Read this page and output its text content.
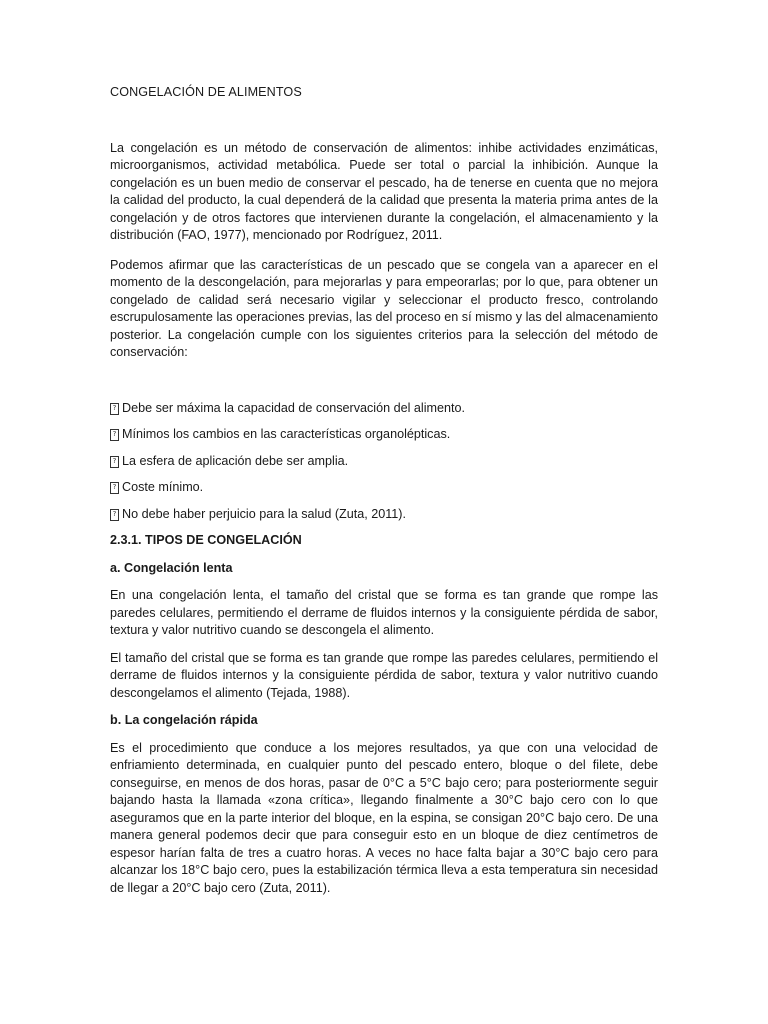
CONGELACIÓN DE ALIMENTOS

La congelación es un método de conservación de alimentos: inhibe actividades enzimáticas, microorganismos, actividad metabólica. Puede ser total o parcial la inhibición. Aunque la congelación es un buen medio de conservar el pescado, ha de tenerse en cuenta que no mejora la calidad del producto, la cual dependerá de la calidad que presenta la materia prima antes de la congelación y de otros factores que intervienen durante la congelación, el almacenamiento y la distribución (FAO, 1977), mencionado por Rodríguez, 2011.

Podemos afirmar que las características de un pescado que se congela van a aparecer en el momento de la descongelación, para mejorarlas y para empeorarlas; por lo que, para obtener un congelado de calidad será necesario vigilar y seleccionar el producto fresco, controlando escrupulosamente las operaciones previas, las del proceso en sí mismo y las del almacenamiento posterior. La congelación cumple con los siguientes criterios para la selección del método de conservación:

? Debe ser máxima la capacidad de conservación del alimento.
? Mínimos los cambios en las características organolépticas.
? La esfera de aplicación debe ser amplia.
? Coste mínimo.
? No debe haber perjuicio para la salud (Zuta, 2011).

2.3.1. TIPOS DE CONGELACIÓN

a. Congelación lenta

En una congelación lenta, el tamaño del cristal que se forma es tan grande que rompe las paredes celulares, permitiendo el derrame de fluidos internos y la consiguiente pérdida de sabor, textura y valor nutritivo cuando se descongela el alimento.

El tamaño del cristal que se forma es tan grande que rompe las paredes celulares, permitiendo el derrame de fluidos internos y la consiguiente pérdida de sabor, textura y valor nutritivo cuando descongelamos el alimento (Tejada, 1988).

b. La congelación rápida

Es el procedimiento que conduce a los mejores resultados, ya que con una velocidad de enfriamiento determinada, en cualquier punto del pescado entero, bloque o del filete, debe conseguirse, en menos de dos horas, pasar de 0°C a 5°C bajo cero; para posteriormente seguir bajando hasta la llamada «zona crítica», llegando finalmente a 30°C bajo cero con lo que aseguramos que en la parte interior del bloque, en la espina, se consigan 20°C bajo cero. De una manera general podemos decir que para conseguir esto en un bloque de diez centímetros de espesor harían falta de tres a cuatro horas. A veces no hace falta bajar a 30°C bajo cero para alcanzar los 18°C bajo cero, pues la estabilización térmica lleva a esta temperatura sin necesidad de llegar a 20°C bajo cero (Zuta, 2011).
